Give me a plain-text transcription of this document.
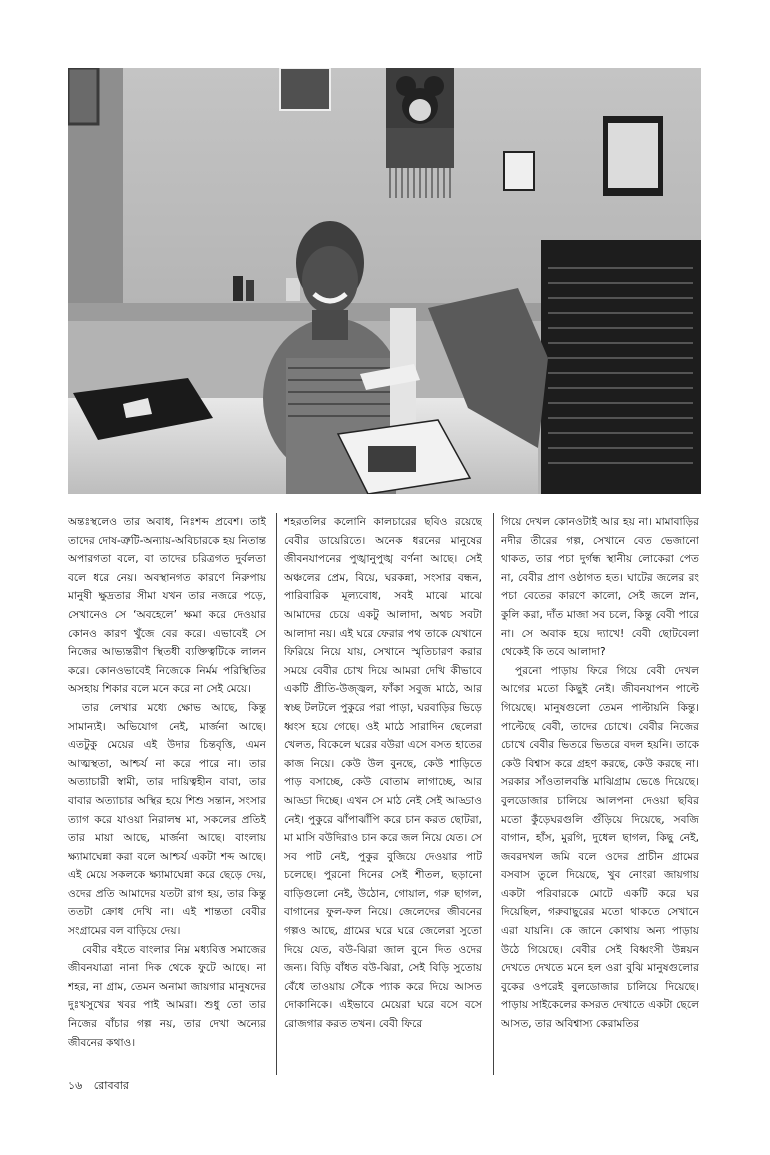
অন্তঃস্থলেও তার অবাধ, নিঃশব্দ প্রবেশ। তাই তাদের দোষ-ত্রুটি-অন্যায়-অবিচারকে হয় নিতান্ত অপারগতা বলে, বা তাদের চরিত্রগত দুর্বলতা বলে ধরে নেয়। অবস্থানগত কারণে নিরুপায় মানুষী ক্ষুদ্রতার সীমা যখন তার নজরে পড়ে, সেখানেও সে ‘অবহেলে’ ক্ষমা করে দেওয়ার কোনও কারণ খুঁজে বের করে। এভাবেই সে নিজের আভ্যন্তরীণ স্থিতধী ব্যক্তিত্বটিকে লালন করে। কোনওভাবেই নিজেকে নির্মম পরিস্থিতির অসহায় শিকার বলে মনে করে না সেই মেয়ে।

তার লেখার মধ্যে ক্ষোভ আছে, কিন্তু সামান্যই। অভিযোগ নেই, মার্জনা আছে। এতটুকু মেয়ের এই উদার চিন্তবৃত্তি, এমন আত্মস্থতা, আশ্চর্য না করে পারে না। তার অত্যাচারী স্বামী, তার দায়িত্বহীন বাবা, তার বাবার অত্যাচার অস্থির হয়ে শিশু সন্তান, সংসার ত্যাগ করে যাওয়া নিরালম্ব মা, সকলের প্রতিই তার মায়া আছে, মার্জনা আছে। বাংলায় ক্ষ্যামাঘেন্না করা বলে আশ্চর্য একটা শব্দ আছে। এই মেয়ে সকলকে ক্ষ্যামাঘেন্না করে ছেড়ে দেয়, ওদের প্রতি আমাদের যতটা রাগ হয়, তার কিন্তু ততটা ক্রোধ দেখি না। এই শান্ততা বেবীর সংগ্রামের বল বাড়িয়ে দেয়।

বেবীর বইতে বাংলার নিম্ন মধ্যবিত্ত সমাজের জীবনযাত্রা নানা দিক থেকে ফুটে আছে। না শহর, না গ্রাম, তেমন অনামা জায়গার মানুষদের দুঃখসুখের খবর পাই আমরা। শুধু তো তার নিজের বাঁচার গল্প নয়, তার দেখা অন্যের জীবনের কথাও।

শহরতলির কলোনি কালচারের ছবিও রয়েছে বেবীর ডায়েরিতে। অনেক ধরনের মানুষের জীবনযাপনের পুঙ্খানুপুঙ্খ বর্ণনা আছে। সেই অঞ্চলের প্রেম, বিয়ে, ঘরকন্না, সংসার বন্ধন, পারিবারিক মূল্যবোধ, সবই মাঝে মাঝে আমাদের চেয়ে একটু আলাদা, অথচ সবটা আলাদা নয়। এই ঘরে ফেরার পথ তাকে যেখানে ফিরিয়ে নিয়ে যায়, সেখানে স্মৃতিচারণ করার সময়ে বেবীর চোখ দিয়ে আমরা দেখি কীভাবে একটি প্রীতি-উজ্জ্বল, ফাঁকা সবুজ মাঠে, আর স্বচ্ছ টলটলে পুকুরে পরা পাড়া, ঘরবাড়ির ভিড়ে ধ্বংস হয়ে গেছে। ওই মাঠে সারাদিন ছেলেরা খেলত, বিকেলে ঘরের বউরা এসে বসত হাতের কাজ নিয়ে। কেউ উল বুনছে, কেউ শাড়িতে পাড় বসাচ্ছে, কেউ বোতাম লাগাচ্ছে, আর আড্ডা দিচ্ছে। এখন সে মাঠ নেই সেই আড্ডাও নেই। পুকুরে ঝাঁপাঝাঁপি করে চান করত ছোটরা, মা মাসি বউদিরাও চান করে জল নিয়ে যেত। সে সব পাট নেই, পুকুর বুজিয়ে দেওয়ার পাট চলেছে। পুরনো দিনের সেই শীতল, ছড়ানো বাড়িগুলো নেই, উঠোন, গোয়াল, গরু ছাগল, বাগানের ফুল-ফল নিয়ে। জেলেদের জীবনের গল্পও আছে, গ্রামের ঘরে ঘরে জেলেরা সুতো দিয়ে যেত, বউ-ঝিরা জাল বুনে দিত ওদের জন্য। বিড়ি বাঁধত বউ-ঝিরা, সেই বিড়ি সুতোয় বেঁধে তাওয়ায় সেঁকে প্যাক করে দিয়ে আসত দোকানিকে। এইভাবে মেয়েরা ঘরে বসে বসে রোজগার করত তখন। বেবী ফিরে

গিয়ে দেখল কোনওটাই আর হয় না। মামাবাড়ির নদীর তীরের গল্প, সেখানে বেত ভেজানো থাকত, তার পচা দুর্গন্ধ স্থানীয় লোকেরা পেত না, বেবীর প্রাণ ওষ্ঠাগত হত। ঘাটের জলের রং পচা বেতের কারণে কালো, সেই জলে স্নান, কুলি করা, দাঁত মাজা সব চলে, কিন্তু বেবী পারে না। সে অবাক হয়ে দ্যাখে! বেবী ছোটবেলা থেকেই কি তবে আলাদা?

পুরনো পাড়ায় ফিরে গিয়ে বেবী দেখল আগের মতো কিছুই নেই। জীবনযাপন পাল্টে গিয়েছে। মানুষগুলো তেমন পাল্টায়নি কিন্তু। পাল্টেছে বেবী, তাদের চোখে। বেবীর নিজের চোখে বেবীর ভিতরে ভিতরে বদল হয়নি। তাকে কেউ বিশ্বাস করে গ্রহণ করছে, কেউ করছে না। সরকার সাঁওতালবস্তি মাঝিগ্রাম ভেঙে দিয়েছে। বুলডোজার চালিয়ে আলপনা দেওয়া ছবির মতো কুঁড়েঘরগুলি গুঁড়িয়ে দিয়েছে, সবজি বাগান, হাঁস, মুরগি, দুধেল ছাগল, কিছু নেই, জবরদখল জমি বলে ওদের প্রাচীন গ্রামের বসবাস তুলে দিয়েছে, খুব নোংরা জায়গায় একটা পরিবারকে মোটে একটি করে ঘর দিয়েছিল, গরুবাছুরের মতো থাকতে সেখানে এরা যায়নি। কে জানে কোথায় অন্য পাড়ায় উঠে গিয়েছে। বেবীর সেই বিধ্বংসী উন্নয়ন দেখতে দেখতে মনে হল ওরা বুঝি মানুষগুলোর বুকের ওপরেই বুলডোজার চালিয়ে দিয়েছে। পাড়ায় সাইকেলের কসরত দেখাতে একটা ছেলে আসত, তার অবিশ্বাস্য কেরামতির

১৬ রোববার
